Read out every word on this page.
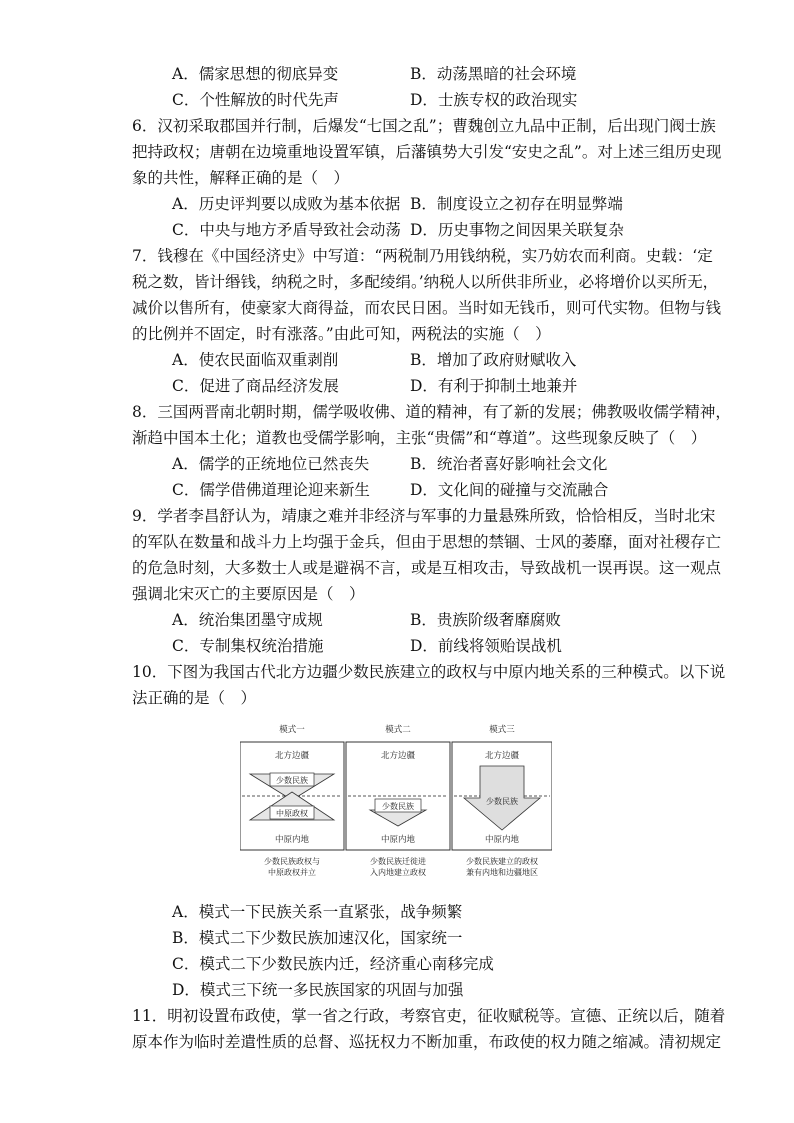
A．儒家思想的彻底异变	B．动荡黑暗的社会环境
C．个性解放的时代先声	D．士族专权的政治现实
6．汉初采取郡国并行制，后爆发“七国之乱”；曹魏创立九品中正制，后出现门阀士族
把持政权；唐朝在边境重地设置军镇，后藩镇势大引发“安史之乱”。对上述三组历史现
象的共性，解释正确的是（　）
A．历史评判要以成败为基本依据 B．制度设立之初存在明显弊端
C．中央与地方矛盾导致社会动荡 D．历史事物之间因果关联复杂
7．钱穆在《中国经济史》中写道：“两税制乃用钱纳税，实乃妨农而利商。史载：‘定
税之数，皆计缗钱，纳税之时，多配绫绢。’纳税人以所供非所业，必将增价以买所无，
减价以售所有，使豪家大商得益，而农民日困。当时如无钱币，则可代实物。但物与钱
的比例并不固定，时有涨落。”由此可知，两税法的实施（　）
A．使农民面临双重剥削	B．增加了政府财赋收入
C．促进了商品经济发展	D．有利于抑制土地兼并
8．三国两晋南北朝时期，儒学吸收佛、道的精神，有了新的发展；佛教吸收儒学精神，
渐趋中国本土化；道教也受儒学影响，主张“贵儒”和“尊道”。这些现象反映了（　）
A．儒学的正统地位已然丧失	B．统治者喜好影响社会文化
C．儒学借佛道理论迎来新生	D．文化间的碰撞与交流融合
9．学者李昌舒认为，靖康之难并非经济与军事的力量悬殊所致，恰恰相反，当时北宋
的军队在数量和战斗力上均强于金兵，但由于思想的禁锢、士风的萎靡，面对社稷存亡
的危急时刻，大多数士人或是避祸不言，或是互相攻击，导致战机一误再误。这一观点
强调北宋灭亡的主要原因是（　）
A．统治集团墨守成规	B．贵族阶级奢靡腐败
C．专制集权统治措施	D．前线将领贻误战机
10．下图为我国古代北方边疆少数民族建立的政权与中原内地关系的三种模式。以下说
法正确的是（　）
模式一
北方边疆
少数民族
中原政权
中原内地
少数民族政权与
中原政权并立
模式二
北方边疆
少数民族
中原内地
少数民族迁徙进
入内地建立政权
模式三
北方边疆
少数民族
中原内地
少数民族建立的政权
兼有内地和边疆地区
A．模式一下民族关系一直紧张，战争频繁
B．模式二下少数民族加速汉化，国家统一
C．模式二下少数民族内迁，经济重心南移完成
D．模式三下统一多民族国家的巩固与加强
11．明初设置布政使，掌一省之行政，考察官吏，征收赋税等。宣德、正统以后，随着
原本作为临时差遣性质的总督、巡抚权力不断加重，布政使的权力随之缩减。清初规定
